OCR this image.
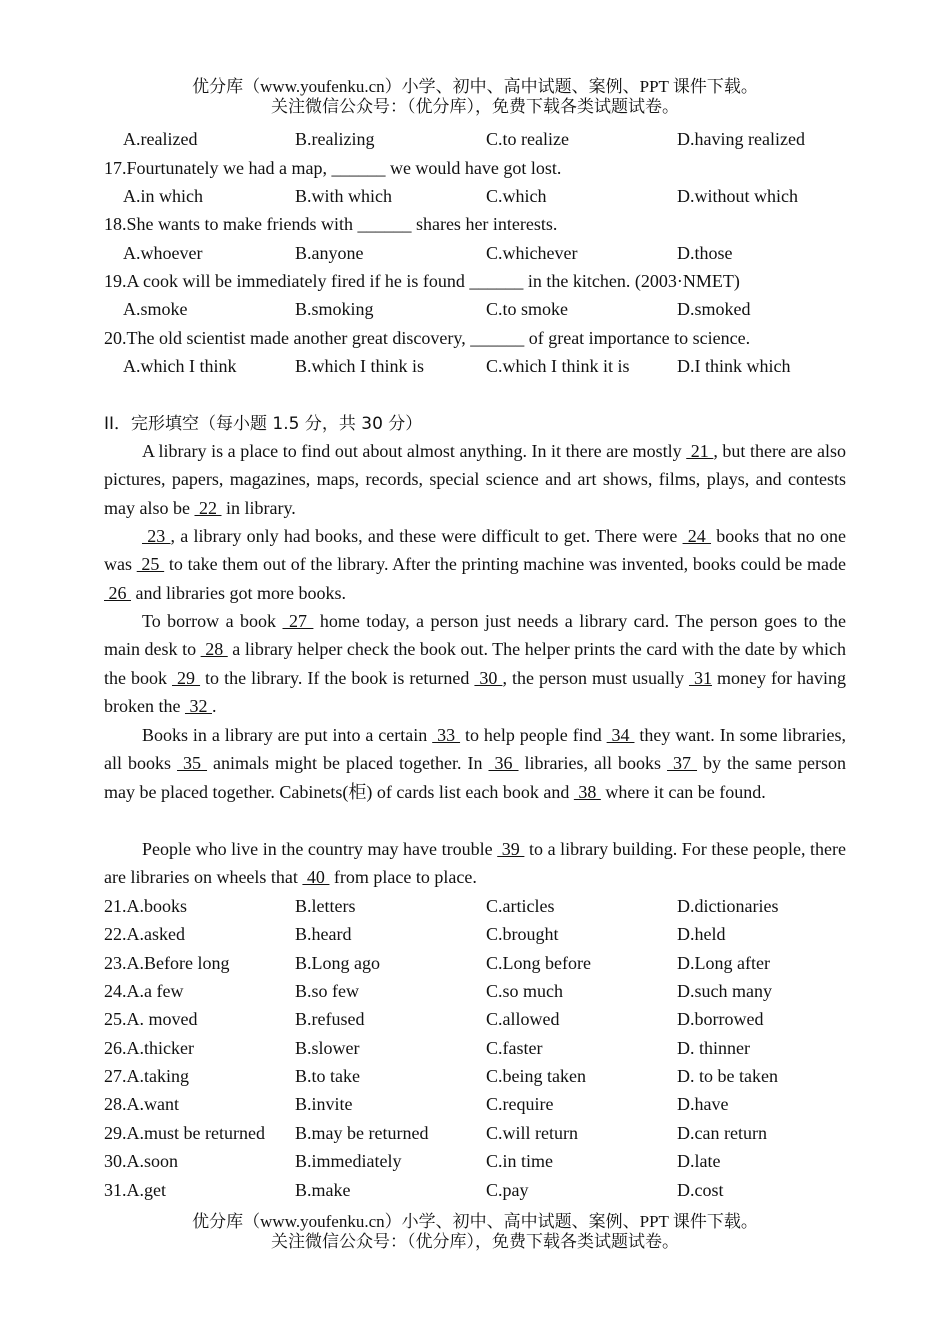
优分库（www.youfenku.cn）小学、初中、高中试题、案例、PPT 课件下载。
关注微信公众号：（优分库），免费下载各类试题试卷。
A.realized	B.realizing	C.to realize	D.having realized
17.Fourtunately we had a map, ______ we would have got lost.
A.in which	B.with which	C.which	D.without which
18.She wants to make friends with ______ shares her interests.
A.whoever	B.anyone	C.whichever	D.those
19.A cook will be immediately fired if he is found ______ in the kitchen. (2003·NMET)
A.smoke	B.smoking	C.to smoke	D.smoked
20.The old scientist made another great discovery, ______ of great importance to science.
A.which I think	B.which I think is	C.which I think it is	D.I think which
II．完形填空（每小题 1.5 分，共 30 分）
A library is a place to find out about almost anything. In it there are mostly  21 , but there are also pictures, papers, magazines, maps, records, special science and art shows, films, plays, and contests may also be  22  in library.
23 , a library only had books, and these were difficult to get. There were  24  books that no one was  25  to take them out of the library. After the printing machine was invented, books could be made  26  and libraries got more books.
To borrow a book  27  home today, a person just needs a library card. The person goes to the main desk to  28  a library helper check the book out. The helper prints the card with the date by which the book  29  to the library. If the book is returned  30 , the person must usually  31 money for having broken the  32 .
Books in a library are put into a certain  33  to help people find  34  they want. In some libraries, all books  35  animals might be placed together. In  36  libraries, all books  37  by the same person may be placed together. Cabinets(柜) of cards list each book and  38  where it can be found.
People who live in the country may have trouble  39  to a library building. For these people, there are libraries on wheels that  40  from place to place.
21.A.books	B.letters	C.articles	D.dictionaries
22.A.asked	B.heard	C.brought	D.held
23.A.Before long	B.Long ago	C.Long before	D.Long after
24.A.a few	B.so few	C.so much	D.such many
25.A. moved	B.refused	C.allowed	D.borrowed
26.A.thicker	B.slower	C.faster	D. thinner
27.A.taking	B.to take	C.being taken	D. to be taken
28.A.want	B.invite	C.require	D.have
29.A.must be returned B.may be returned	C.will return	D.can return
30.A.soon	B.immediately	C.in time	D.late
31.A.get	B.make	C.pay	D.cost
优分库（www.youfenku.cn）小学、初中、高中试题、案例、PPT 课件下载。
关注微信公众号：（优分库），免费下载各类试题试卷。
